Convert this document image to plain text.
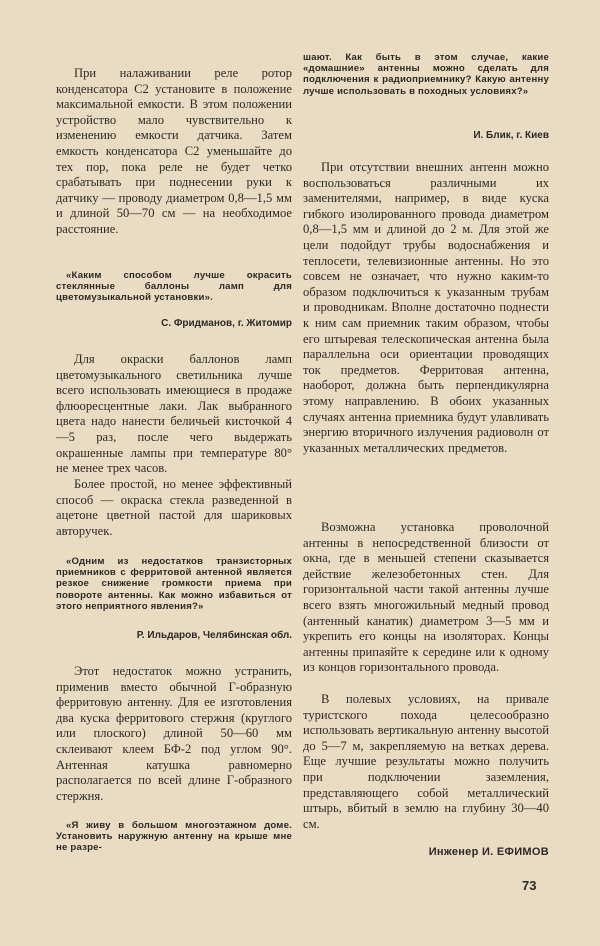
При налаживании реле ротор конденсатора С2 установите в положение максимальной емкости. В этом положении устройство мало чувствительно к изменению емкости датчика. Затем емкость конденсатора С2 уменьшайте до тех пор, пока реле не будет четко срабатывать при поднесении руки к датчику — проводу диаметром 0,8—1,5 мм и длиной 50—70 см — на необходимое расстояние.

«Каким способом лучше окрасить стеклянные баллоны ламп для цветомузыкальной установки».

С. Фридманов, г. Житомир

Для окраски баллонов ламп цветомузыкального светильника лучше всего использовать имеющиеся в продаже флюоресцентные лаки. Лак выбранного цвета надо нанести беличьей кисточкой 4—5 раз, после чего выдержать окрашенные лампы при температуре 80° не менее трех часов.

Более простой, но менее эффективный способ — окраска стекла разведенной в ацетоне цветной пастой для шариковых авторучек.

«Одним из недостатков транзисторных приемников с ферритовой антенной является резкое снижение громкости приема при повороте антенны. Как можно избавиться от этого неприятного явления?»

Р. Ильдаров, Челябинская обл.

Этот недостаток можно устранить, применив вместо обычной Г-образную ферритовую антенну. Для ее изготовления два куска ферритового стержня (круглого или плоского) длиной 50—60 мм склеивают клеем БФ-2 под углом 90°. Антенная катушка равномерно располагается по всей длине Г-образного стержня.

«Я живу в большом многоэтажном доме. Установить наружную антенну на крыше мне не разре-

шают. Как быть в этом случае, какие «домашние» антенны можно сделать для подключения к радиоприемнику? Какую антенну лучше использовать в походных условиях?»

И. Блик, г. Киев

При отсутствии внешних антенн можно воспользоваться различными их заменителями, например, в виде куска гибкого изолированного провода диаметром 0,8—1,5 мм и длиной до 2 м. Для этой же цели подойдут трубы водоснабжения и теплосети, телевизионные антенны. Но это совсем не означает, что нужно каким-то образом подключиться к указанным трубам и проводникам. Вполне достаточно поднести к ним сам приемник таким образом, чтобы его штыревая телескопическая антенна была параллельна оси ориентации проводящих ток предметов. Ферритовая антенна, наоборот, должна быть перпендикулярна этому направлению. В обоих указанных случаях антенна приемника будут улавливать энергию вторичного излучения радиоволн от указанных металлических предметов.

Возможна установка проволочной антенны в непосредственной близости от окна, где в меньшей степени сказывается действие железобетонных стен. Для горизонтальной части такой антенны лучше всего взять многожильный медный провод (антенный канатик) диаметром 3—5 мм и укрепить его концы на изоляторах. Концы антенны припаяйте к середине или к одному из концов горизонтального провода.

В полевых условиях, на привале туристского похода целесообразно использовать вертикальную антенну высотой до 5—7 м, закрепляемую на ветках дерева. Еще лучшие результаты можно получить при подключении заземления, представляющего собой металлический штырь, вбитый в землю на глубину 30—40 см.

Инженер И. ЕФИМОВ

73
